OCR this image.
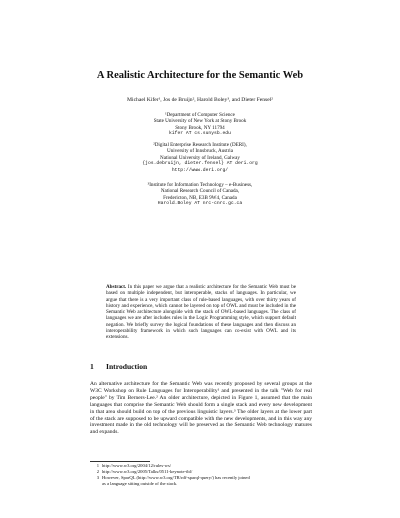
A Realistic Architecture for the Semantic Web
Michael Kifer¹, Jos de Bruijn², Harold Boley³, and Dieter Fensel²
¹Department of Computer Science
State University of New York at Stony Brook
Stony Brook, NY 11794
kifer AT cs.sunysb.edu
²Digital Enterprise Research Institute (DERI),
University of Innsbruck, Austria
National University of Ireland, Galway
{jos.debruijn, dieter.fensel} AT deri.org
http://www.deri.org/
³Institute for Information Technology – e-Business,
National Research Council of Canada,
Fredericton, NB, E3B 9W4, Canada
Harold.Boley AT nrc-cnrc.gc.ca
Abstract. In this paper we argue that a realistic architecture for the Semantic Web must be based on multiple independent, but interoperable, stacks of languages. In particular, we argue that there is a very important class of rule-based languages, with over thirty years of history and experience, which cannot be layered on top of OWL and must be included in the Semantic Web architecture alongside with the stack of OWL-based languages. The class of languages we are after includes rules in the Logic Programming style, which support default negation. We briefly survey the logical foundations of these languages and then discuss an interoperability framework in which such languages can co-exist with OWL and its extensions.
1 Introduction
An alternative architecture for the Semantic Web was recently proposed by several groups at the W3C Workshop on Rule Languages for Interoperability¹ and presented in the talk "Web for real people" by Tim Berners-Lee.² An older architecture, depicted in Figure 1, assumed that the main languages that comprise the Semantic Web should form a single stack and every new development in that area should build on top of the previous linguistic layers.³ The older layers at the lower part of the stack are supposed to be upward compatible with the new developments, and in this way any investment made in the old technology will be preserved as the Semantic Web technology matures and expands.
1 http://www.w3.org/2004/12/rules-ws/
2 http://www.w3.org/2005/Talks/0511-keynote-tbl/
3 However, SparQL (http://www.w3.org/TR/rdf-sparql-query/) has recently joined
as a language sitting outside of the stack.
